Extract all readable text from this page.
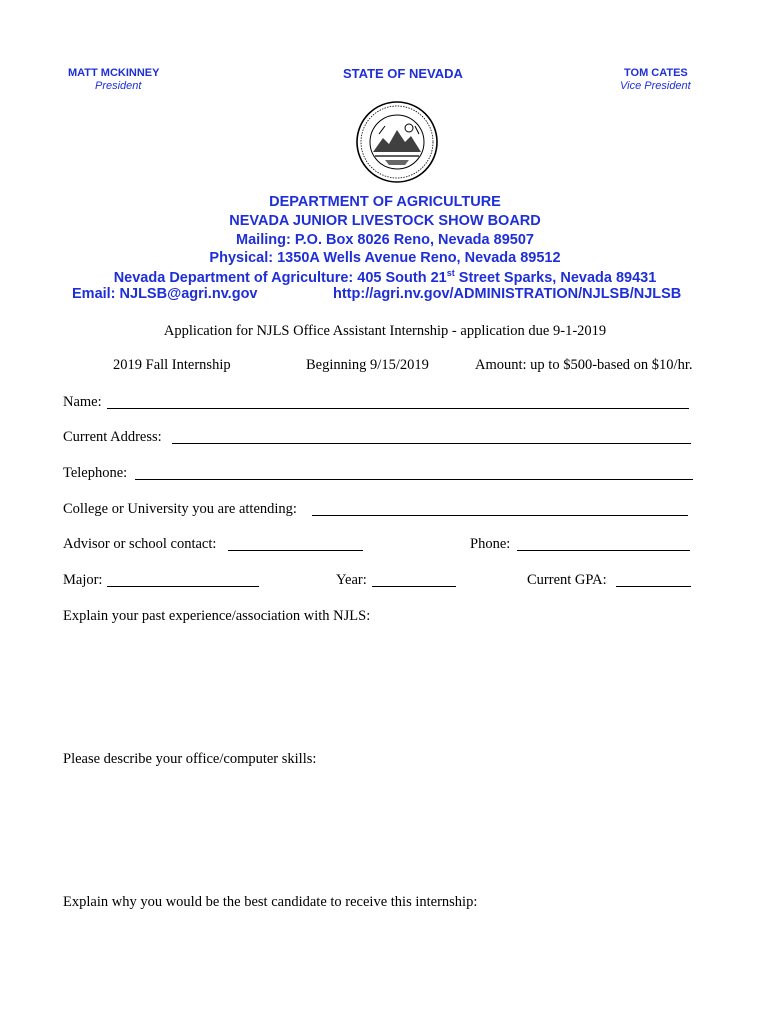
MATT MCKINNEY
President
STATE OF NEVADA	TOM CATES
Vice President
DEPARTMENT OF AGRICULTURE
NEVADA JUNIOR LIVESTOCK SHOW BOARD
Mailing: P.O. Box 8026 Reno, Nevada 89507
Physical: 1350A Wells Avenue Reno, Nevada 89512
Nevada Department of Agriculture: 405 South 21st Street Sparks, Nevada 89431
Email: NJLSB@agri.nv.gov	http://agri.nv.gov/ADMINISTRATION/NJLSB/NJLSB
Application for NJLS Office Assistant Internship - application due 9-1-2019
2019 Fall Internship	Beginning 9/15/2019	Amount: up to $500-based on $10/hr.
Name:
Current Address:
Telephone:
College or University you are attending:
Advisor or school contact:	Phone:
Major:	Year:	Current GPA:
Explain your past experience/association with NJLS:
Please describe your office/computer skills:
Explain why you would be the best candidate to receive this internship:
